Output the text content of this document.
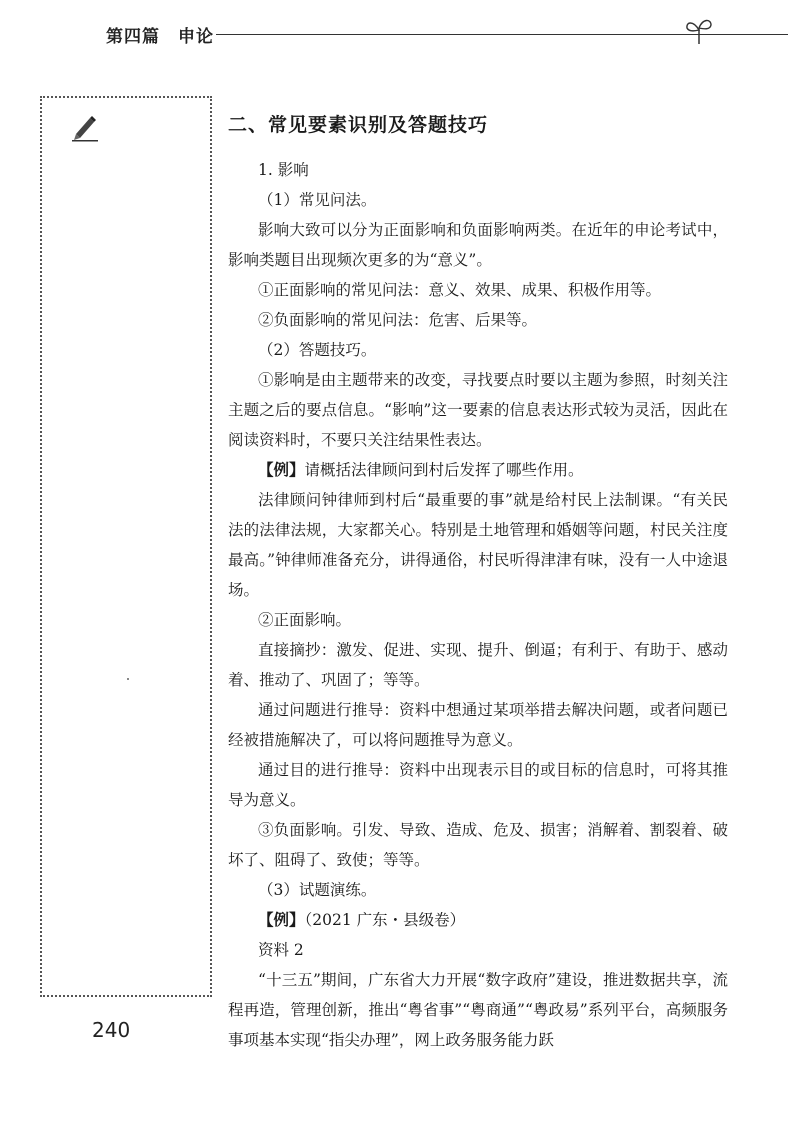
第四篇　申论
二、常见要素识别及答题技巧

1. 影响

（1）常见问法。

影响大致可以分为正面影响和负面影响两类。在近年的申论考试中，影响类题目出现频次更多的为“意义”。

①正面影响的常见问法：意义、效果、成果、积极作用等。

②负面影响的常见问法：危害、后果等。

（2）答题技巧。

①影响是由主题带来的改变，寻找要点时要以主题为参照，时刻关注主题之后的要点信息。“影响”这一要素的信息表达形式较为灵活，因此在阅读资料时，不要只关注结果性表达。

【例】请概括法律顾问到村后发挥了哪些作用。

法律顾问钟律师到村后“最重要的事”就是给村民上法制课。“有关民法的法律法规，大家都关心。特别是土地管理和婚姻等问题，村民关注度最高。”钟律师准备充分，讲得通俗，村民听得津津有味，没有一人中途退场。

②正面影响。

直接摘抄：激发、促进、实现、提升、倒逼；有利于、有助于、感动着、推动了、巩固了；等等。

通过问题进行推导：资料中想通过某项举措去解决问题，或者问题已经被措施解决了，可以将问题推导为意义。

通过目的进行推导：资料中出现表示目的或目标的信息时，可将其推导为意义。

③负面影响。引发、导致、造成、危及、损害；消解着、割裂着、破坏了、阻碍了、致使；等等。

（3）试题演练。

【例】（2021 广东・县级卷）

资料 2

“十三五”期间，广东省大力开展“数字政府”建设，推进数据共享，流程再造，管理创新，推出“粤省事”“粤商通”“粤政易”系列平台，高频服务事项基本实现“指尖办理”，网上政务服务能力跃

240
